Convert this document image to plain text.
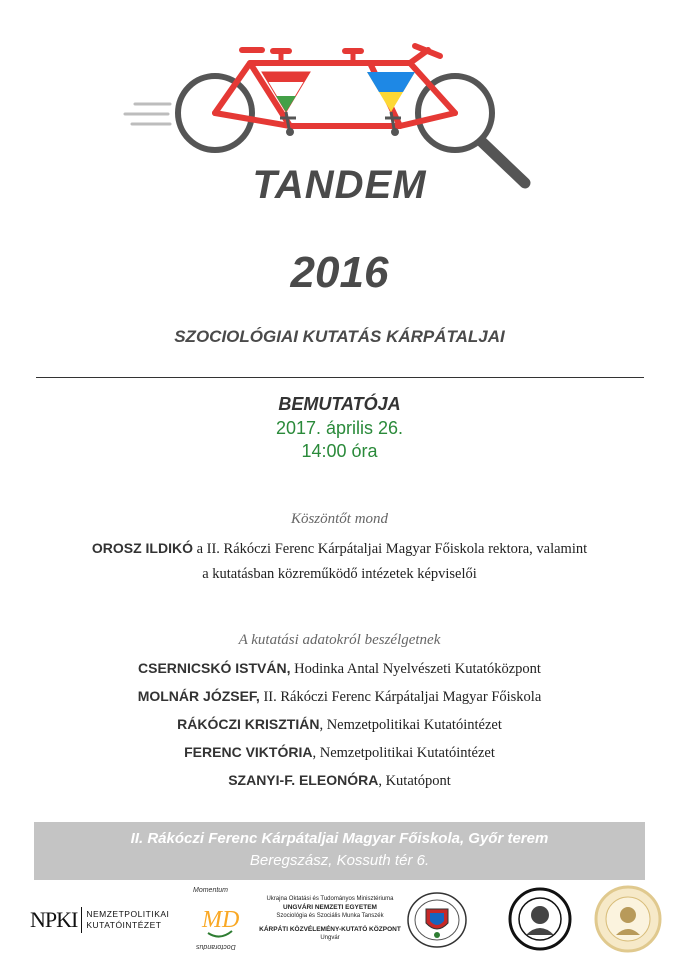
TANDEM
2016
SZOCIOLÓGIAI KUTATÁS KÁRPÁTALJAI
BEMUTATÓJA
2017. április 26.
14:00 óra
Köszöntőt mond
OROSZ ILDIKÓ a II. Rákóczi Ferenc Kárpátaljai Magyar Főiskola rektora, valamint
a kutatásban közreműködő intézetek képviselői
A kutatási adatokról beszélgetnek
CSERNICSKÓ ISTVÁN, Hodinka Antal Nyelvészeti Kutatóközpont
MOLNÁR JÓZSEF, II. Rákóczi Ferenc Kárpátaljai Magyar Főiskola
RÁKÓCZI KRISZTIÁN, Nemzetpolitikai Kutatóintézet
FERENC VIKTÓRIA, Nemzetpolitikai Kutatóintézet
SZANYI-F. ELEONÓRA, Kutatópont
II. Rákóczi Ferenc Kárpátaljai Magyar Főiskola, Győr terem
Beregszász, Kossuth tér 6.
NPKI NEMZETPOLITIKAI
KUTATÓINTÉZET
Momentum
MD
Doctorandus
Ukrajna Oktatási és Tudományos Minisztériuma
UNGVÁRI NEMZETI EGYETEM
Szociológia és Szociális Munka Tanszék
KÁRPÁTI KÖZVÉLEMÉNY-KUTATÓ KÖZPONT
Ungvár
